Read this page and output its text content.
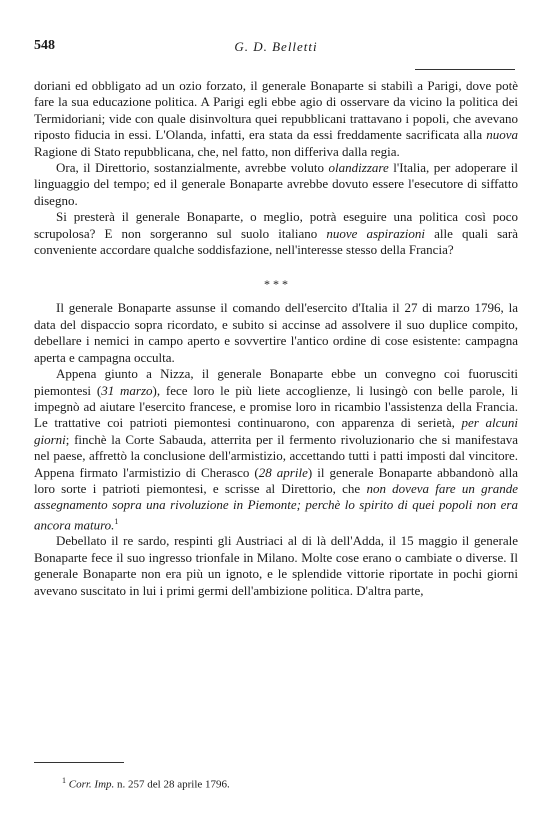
548	G. D. Belletti

doriani ed obbligato ad un ozio forzato, il generale Bonaparte si stabilì a Parigi, dove potè fare la sua educazione politica. A Parigi egli ebbe agio di osservare da vicino la politica dei Termidoriani; vide con quale disinvoltura quei repubblicani trattavano i popoli, che avevano riposto fiducia in essi. L'Olanda, infatti, era stata da essi freddamente sacrificata alla nuova Ragione di Stato repubblicana, che, nel fatto, non differiva dalla regia.

Ora, il Direttorio, sostanzialmente, avrebbe voluto olandizzare l'Italia, per adoperare il linguaggio del tempo; ed il generale Bonaparte avrebbe dovuto essere l'esecutore di siffatto disegno.

Si presterà il generale Bonaparte, o meglio, potrà eseguire una politica così poco scrupolosa? E non sorgeranno sul suolo italiano nuove aspirazioni alle quali sarà conveniente accordare qualche soddisfazione, nell'interesse stesso della Francia?

* * *

Il generale Bonaparte assunse il comando dell'esercito d'Italia il 27 di marzo 1796, la data del dispaccio sopra ricordato, e subito si accinse ad assolvere il suo duplice compito, debellare i nemici in campo aperto e sovvertire l'antico ordine di cose esistente: campagna aperta e campagna occulta.

Appena giunto a Nizza, il generale Bonaparte ebbe un convegno coi fuorusciti piemontesi (31 marzo), fece loro le più liete accoglienze, li lusingò con belle parole, li impegnò ad aiutare l'esercito francese, e promise loro in ricambio l'assistenza della Francia. Le trattative coi patrioti piemontesi continuarono, con apparenza di serietà, per alcuni giorni; finchè la Corte Sabauda, atterrita per il fermento rivoluzionario che si manifestava nel paese, affrettò la conclusione dell'armistizio, accettando tutti i patti imposti dal vincitore. Appena firmato l'armistizio di Cherasco (28 aprile) il generale Bonaparte abbandonò alla loro sorte i patrioti piemontesi, e scrisse al Direttorio, che non doveva fare un grande assegnamento sopra una rivoluzione in Piemonte; perchè lo spirito di quei popoli non era ancora maturo.$^1$

Debellato il re sardo, respinti gli Austriaci al di là dell'Adda, il 15 maggio il generale Bonaparte fece il suo ingresso trionfale in Milano. Molte cose erano o cambiate o diverse. Il generale Bonaparte non era più un ignoto, e le splendide vittorie riportate in pochi giorni avevano suscitato in lui i primi germi dell'ambizione politica. D'altra parte,

$^1$ Corr. Imp. n. 257 del 28 aprile 1796.
